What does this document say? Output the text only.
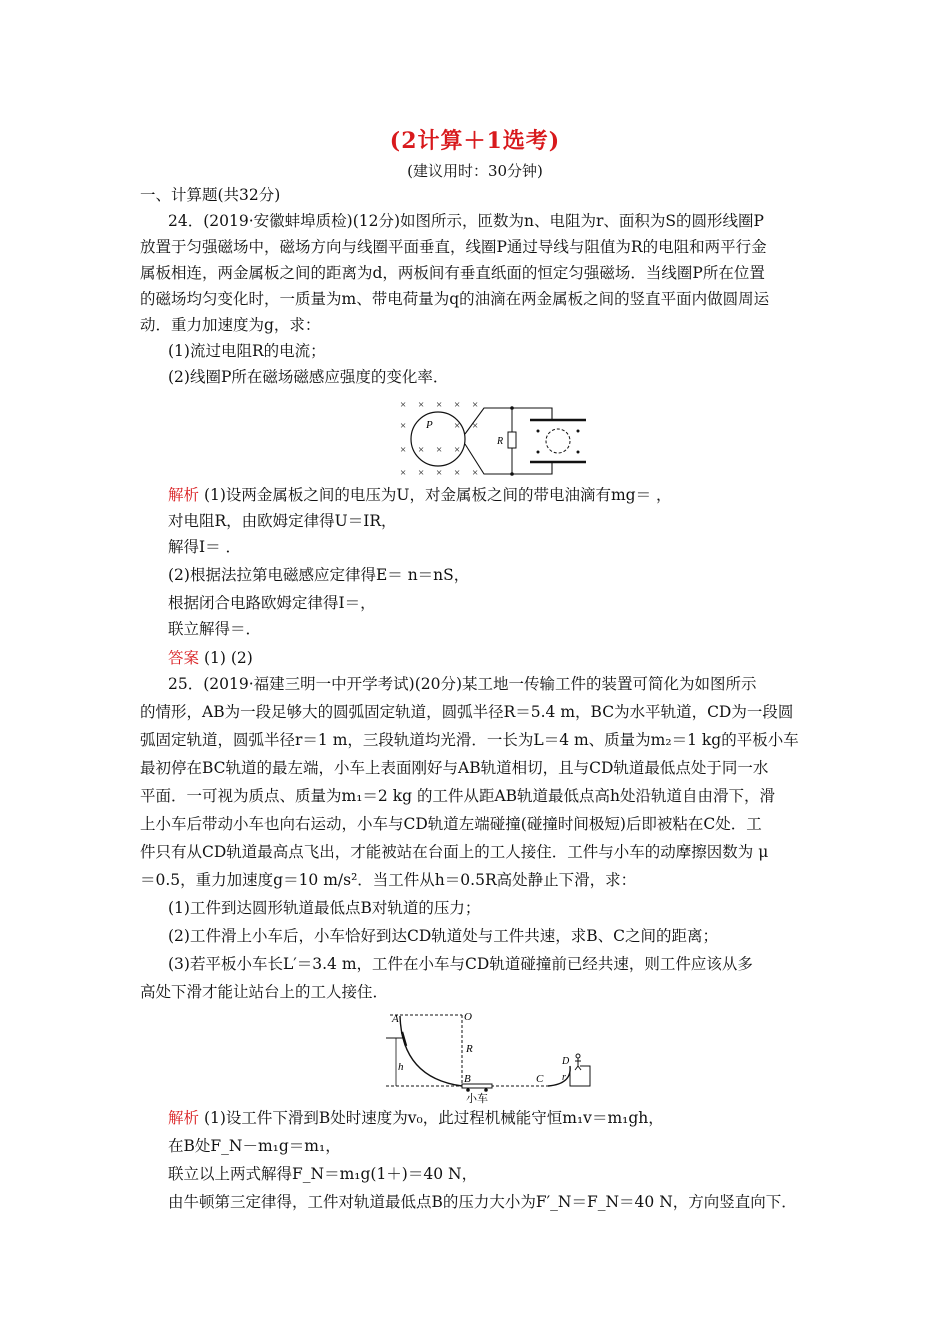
(2计算＋1选考)
(建议用时：30分钟)
一、计算题(共32分)
24．(2019·安徽蚌埠质检)(12分)如图所示，匝数为n、电阻为r、面积为S的圆形线圈P
放置于匀强磁场中，磁场方向与线圈平面垂直，线圈P通过导线与阻值为R的电阻和两平行金
属板相连，两金属板之间的距离为d，两板间有垂直纸面的恒定匀强磁场．当线圈P所在位置
的磁场均匀变化时，一质量为m、带电荷量为q的油滴在两金属板之间的竖直平面内做圆周运
动．重力加速度为g，求：
(1)流过电阻R的电流；
(2)线圈P所在磁场磁感应强度的变化率．
× × × × ×
×	× ×
× × × ×
× × × × ×
P
R
解析 (1)设两金属板之间的电压为U，对金属板之间的带电油滴有mg＝ ，
对电阻R，由欧姆定律得U＝IR，
解得I＝ ．
(2)根据法拉第电磁感应定律得E＝ n＝nS，
根据闭合电路欧姆定律得I＝，
联立解得＝．
答案 (1) (2)
25．(2019·福建三明一中开学考试)(20分)某工地一传输工件的装置可简化为如图所示
的情形，AB为一段足够大的圆弧固定轨道，圆弧半径R＝5.4 m，BC为水平轨道，CD为一段圆
弧固定轨道，圆弧半径r＝1 m，三段轨道均光滑．一长为L＝4 m、质量为m₂＝1 kg的平板小车
最初停在BC轨道的最左端，小车上表面刚好与AB轨道相切，且与CD轨道最低点处于同一水
平面．一可视为质点、质量为m₁＝2 kg 的工件从距AB轨道最低点高h处沿轨道自由滑下，滑
上小车后带动小车也向右运动，小车与CD轨道左端碰撞(碰撞时间极短)后即被粘在C处．工
件只有从CD轨道最高点飞出，才能被站在台面上的工人接住．工件与小车的动摩擦因数为 μ
＝0.5，重力加速度g＝10 m/s²．当工件从h＝0.5R高处静止下滑，求：
(1)工件到达圆形轨道最低点B对轨道的压力；
(2)工件滑上小车后，小车恰好到达CD轨道处与工件共速，求B、C之间的距离；
(3)若平板小车长L′＝3.4 m，工件在小车与CD轨道碰撞前已经共速，则工件应该从多
高处下滑才能让站台上的工人接住．
A	O
R
h
B
小车
C
D
r
解析 (1)设工件下滑到B处时速度为v₀，此过程机械能守恒m₁v＝m₁gh，
在B处F_N－m₁g＝m₁，
联立以上两式解得F_N＝m₁g(1＋)＝40 N，
由牛顿第三定律得，工件对轨道最低点B的压力大小为F′_N＝F_N＝40 N，方向竖直向下．
